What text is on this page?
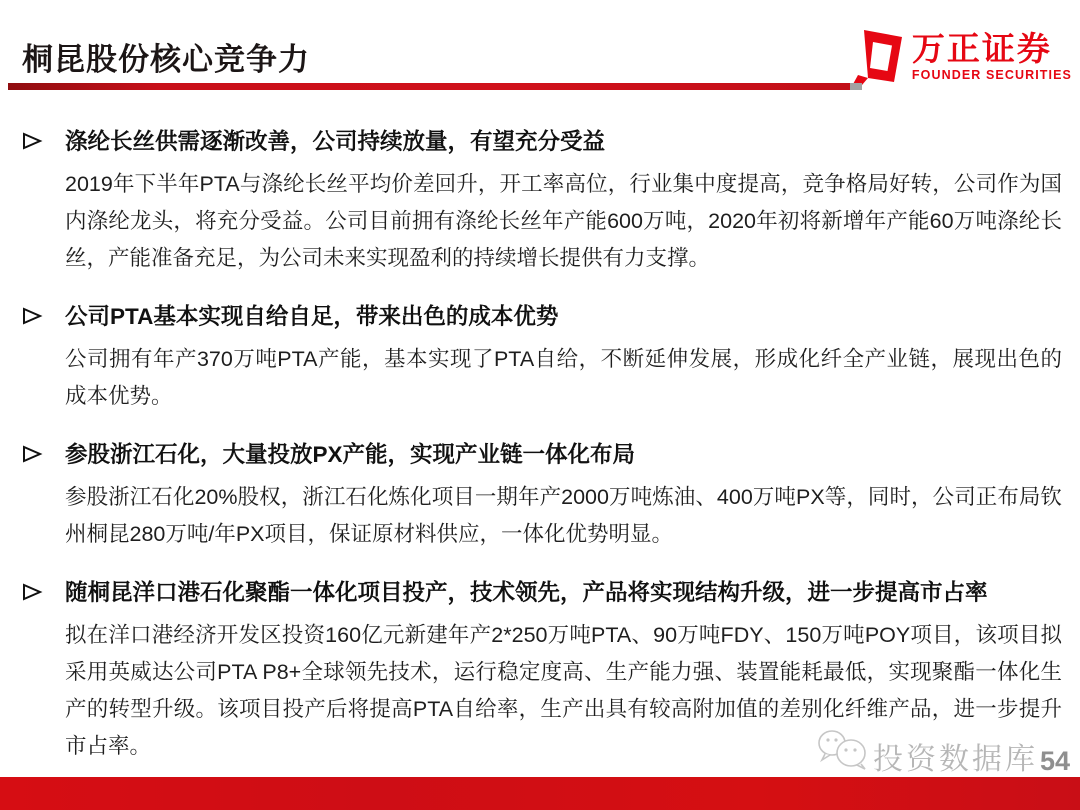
桐昆股份核心竞争力	万正证券
FOUNDER SECURITIES
涤纶长丝供需逐渐改善，公司持续放量，有望充分受益

2019年下半年PTA与涤纶长丝平均价差回升，开工率高位，行业集中度提高，竞争格局好转，公司作为国内涤纶龙头，将充分受益。公司目前拥有涤纶长丝年产能600万吨，2020年初将新增年产能60万吨涤纶长丝，产能准备充足，为公司未来实现盈利的持续增长提供有力支撑。

公司PTA基本实现自给自足，带来出色的成本优势

公司拥有年产370万吨PTA产能，基本实现了PTA自给，不断延伸发展，形成化纤全产业链，展现出色的成本优势。

参股浙江石化，大量投放PX产能，实现产业链一体化布局

参股浙江石化20%股权，浙江石化炼化项目一期年产2000万吨炼油、400万吨PX等，同时，公司正布局钦州桐昆280万吨/年PX项目，保证原材料供应，一体化优势明显。

随桐昆洋口港石化聚酯一体化项目投产，技术领先，产品将实现结构升级，进一步提高市占率

拟在洋口港经济开发区投资160亿元新建年产2*250万吨PTA、90万吨FDY、150万吨POY项目，该项目拟采用英威达公司PTA P8+全球领先技术，运行稳定度高、生产能力强、装置能耗最低，实现聚酯一体化生产的转型升级。该项目投产后将提高PTA自给率，生产出具有较高附加值的差别化纤维产品，进一步提升市占率。	投资数据库 54
